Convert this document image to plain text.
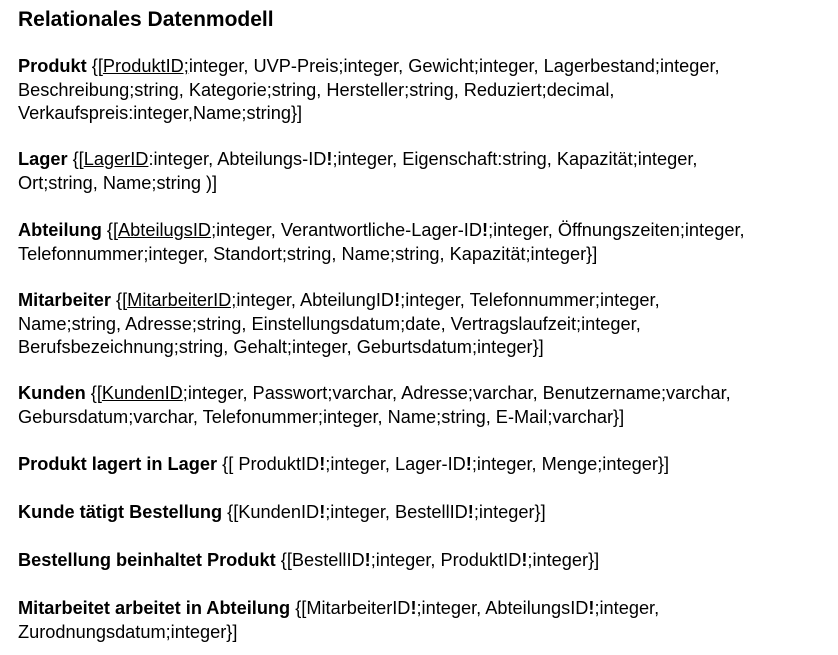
Relationales Datenmodell

Produkt {[ProduktID;integer, UVP-Preis;integer, Gewicht;integer, Lagerbestand;integer,
Beschreibung;string, Kategorie;string, Hersteller;string, Reduziert;decimal,
Verkaufspreis:integer,Name;string}]

Lager {[LagerID:integer, Abteilungs-ID!;integer, Eigenschaft:string, Kapazität;integer,
Ort;string, Name;string )]

Abteilung {[AbteilugsID;integer, Verantwortliche-Lager-ID!;integer, Öffnungszeiten;integer,
Telefonnummer;integer, Standort;string, Name;string, Kapazität;integer}]

Mitarbeiter {[MitarbeiterID;integer, AbteilungID!;integer, Telefonnummer;integer,
Name;string, Adresse;string, Einstellungsdatum;date, Vertragslaufzeit;integer,
Berufsbezeichnung;string, Gehalt;integer, Geburtsdatum;integer}]

Kunden {[KundenID;integer, Passwort;varchar, Adresse;varchar, Benutzername;varchar,
Gebursdatum;varchar, Telefonummer;integer, Name;string, E-Mail;varchar}]

Produkt lagert in Lager {[ ProduktID!;integer, Lager-ID!;integer, Menge;integer}]

Kunde tätigt Bestellung {[KundenID!;integer, BestellID!;integer}]

Bestellung beinhaltet Produkt {[BestellID!;integer, ProduktID!;integer}]

Mitarbeitet arbeitet in Abteilung {[MitarbeiterID!;integer, AbteilungsID!;integer,
Zurodnungsdatum;integer}]
